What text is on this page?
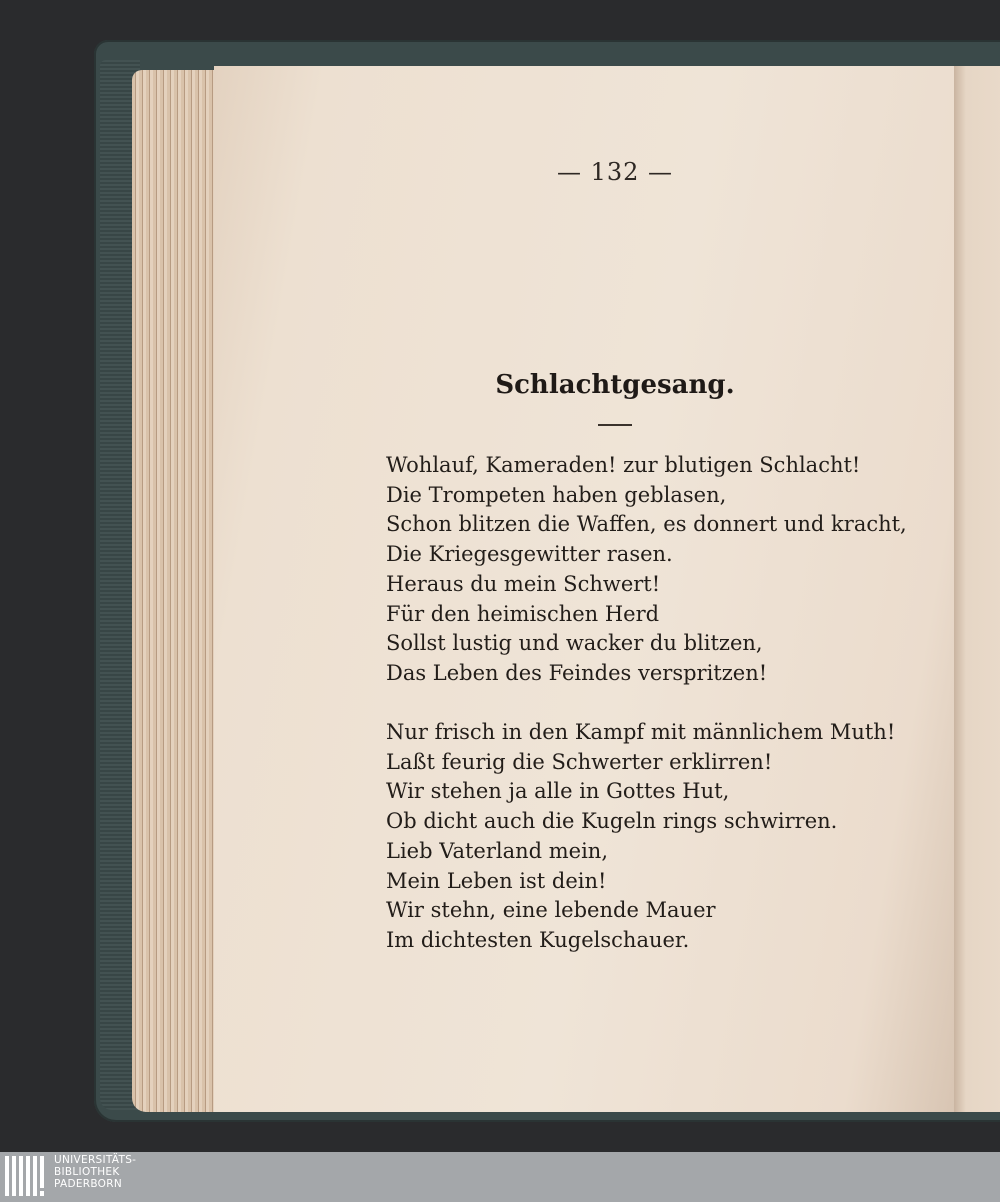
— 132 —
Schlachtgesang.
Wohlauf, Kameraden! zur blutigen Schlacht!
Die Trompeten haben geblasen,
Schon blitzen die Waffen, es donnert und kracht,
Die Kriegesgewitter rasen.
Heraus du mein Schwert!
Für den heimischen Herd
Sollst lustig und wacker du blitzen,
Das Leben des Feindes verspritzen!
Nur frisch in den Kampf mit männlichem Muth!
Laßt feurig die Schwerter erklirren!
Wir stehen ja alle in Gottes Hut,
Ob dicht auch die Kugeln rings schwirren.
Lieb Vaterland mein,
Mein Leben ist dein!
Wir stehn, eine lebende Mauer
Im dichtesten Kugelschauer.
UNIVERSITÄTS-
BIBLIOTHEK
PADERBORN
